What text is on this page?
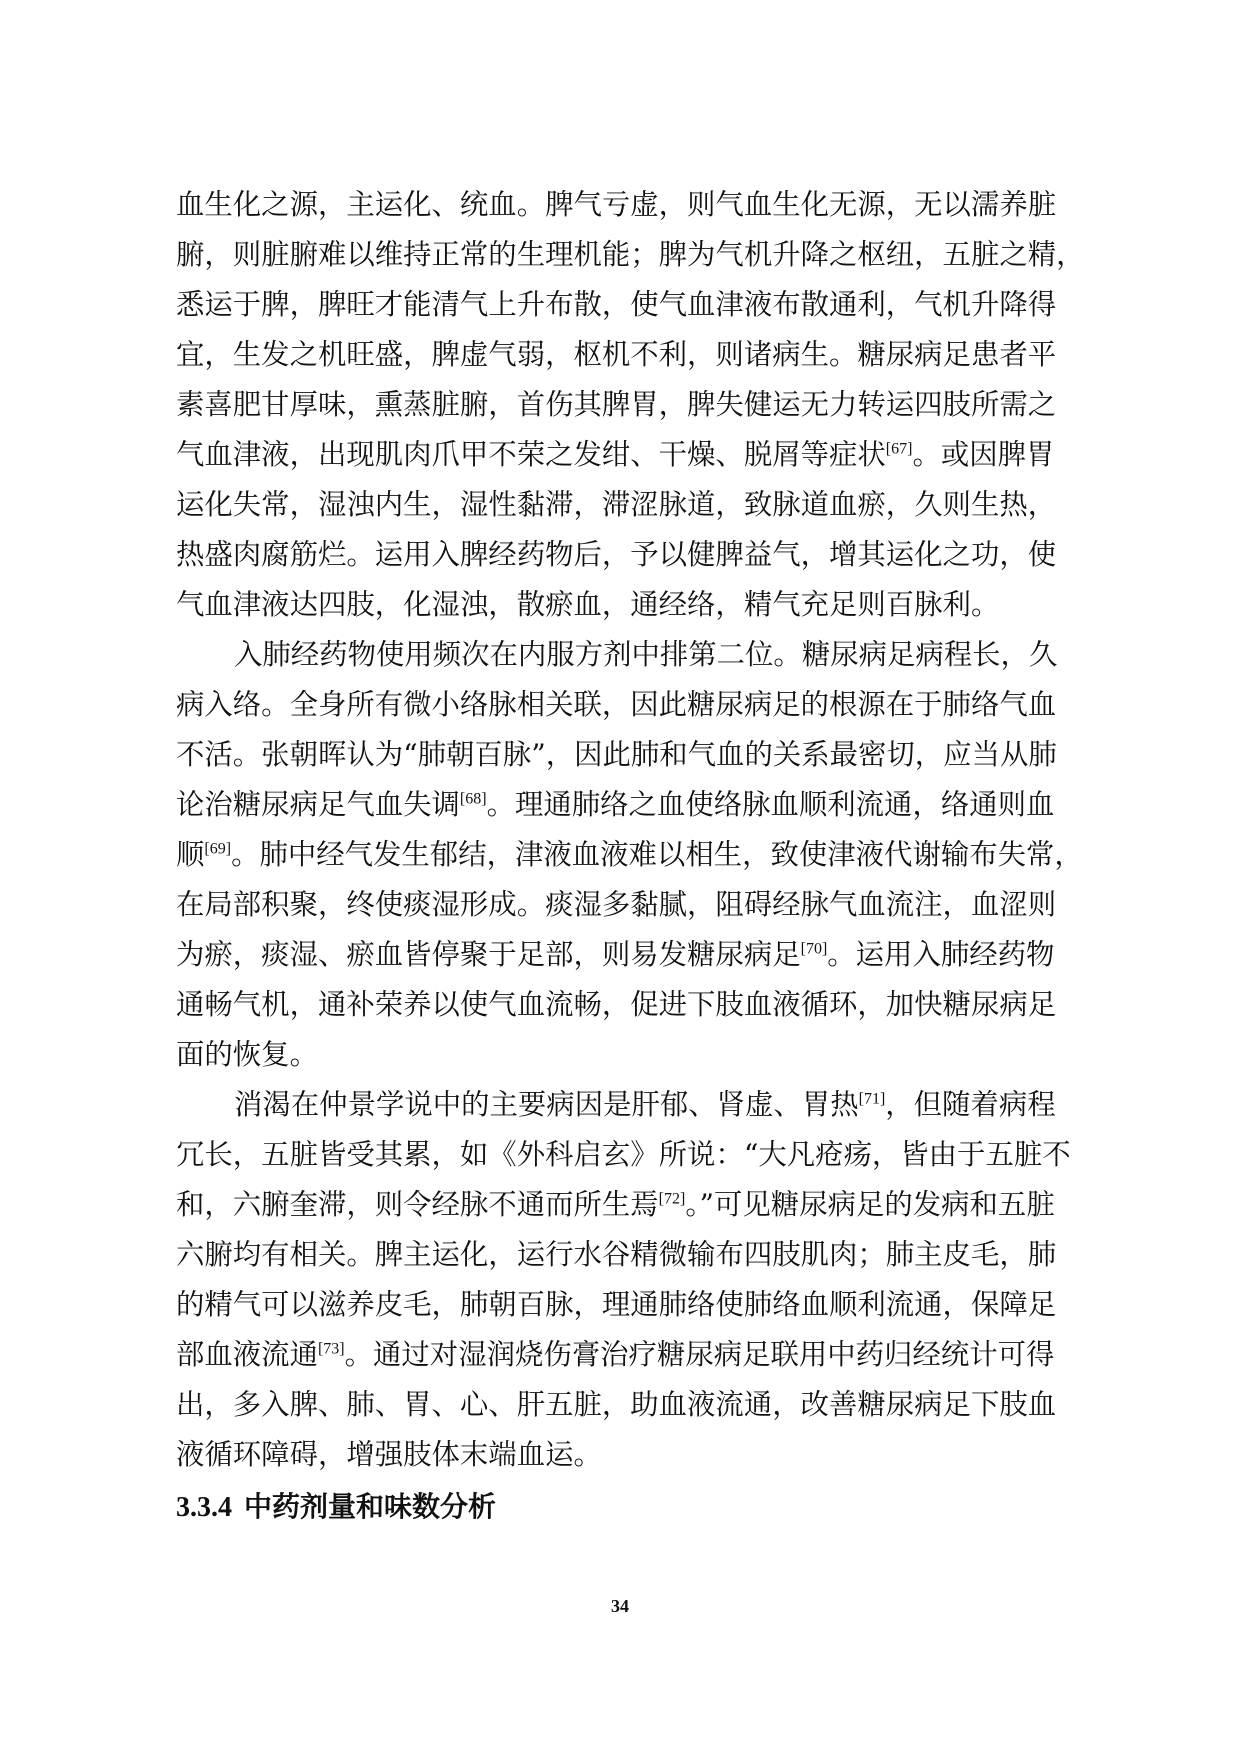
血生化之源，主运化、统血。脾气亏虚，则气血生化无源，无以濡养脏
腑，则脏腑难以维持正常的生理机能；脾为气机升降之枢纽，五脏之精，
悉运于脾，脾旺才能清气上升布散，使气血津液布散通利，气机升降得
宜，生发之机旺盛，脾虚气弱，枢机不利，则诸病生。糖尿病足患者平
素喜肥甘厚味，熏蒸脏腑，首伤其脾胃，脾失健运无力转运四肢所需之
气血津液，出现肌肉爪甲不荣之发绀、干燥、脱屑等症状[67]。或因脾胃
运化失常，湿浊内生，湿性黏滞，滞涩脉道，致脉道血瘀，久则生热，
热盛肉腐筋烂。运用入脾经药物后，予以健脾益气，增其运化之功，使
气血津液达四肢，化湿浊，散瘀血，通经络，精气充足则百脉利。
入肺经药物使用频次在内服方剂中排第二位。糖尿病足病程长，久
病入络。全身所有微小络脉相关联，因此糖尿病足的根源在于肺络气血
不活。张朝晖认为“肺朝百脉”，因此肺和气血的关系最密切，应当从肺
论治糖尿病足气血失调[68]。理通肺络之血使络脉血顺利流通，络通则血
顺[69]。肺中经气发生郁结，津液血液难以相生，致使津液代谢输布失常，
在局部积聚，终使痰湿形成。痰湿多黏腻，阻碍经脉气血流注，血涩则
为瘀，痰湿、瘀血皆停聚于足部，则易发糖尿病足[70]。运用入肺经药物
通畅气机，通补荣养以使气血流畅，促进下肢血液循环，加快糖尿病足
面的恢复。
消渴在仲景学说中的主要病因是肝郁、肾虚、胃热[71]，但随着病程
冗长，五脏皆受其累，如《外科启玄》所说：“大凡疮疡，皆由于五脏不
和，六腑奎滞，则令经脉不通而所生焉[72]。”可见糖尿病足的发病和五脏
六腑均有相关。脾主运化，运行水谷精微输布四肢肌肉；肺主皮毛，肺
的精气可以滋养皮毛，肺朝百脉，理通肺络使肺络血顺利流通，保障足
部血液流通[73]。通过对湿润烧伤膏治疗糖尿病足联用中药归经统计可得
出，多入脾、肺、胃、心、肝五脏，助血液流通，改善糖尿病足下肢血
液循环障碍，增强肢体末端血运。
3.3.4 中药剂量和味数分析
34
